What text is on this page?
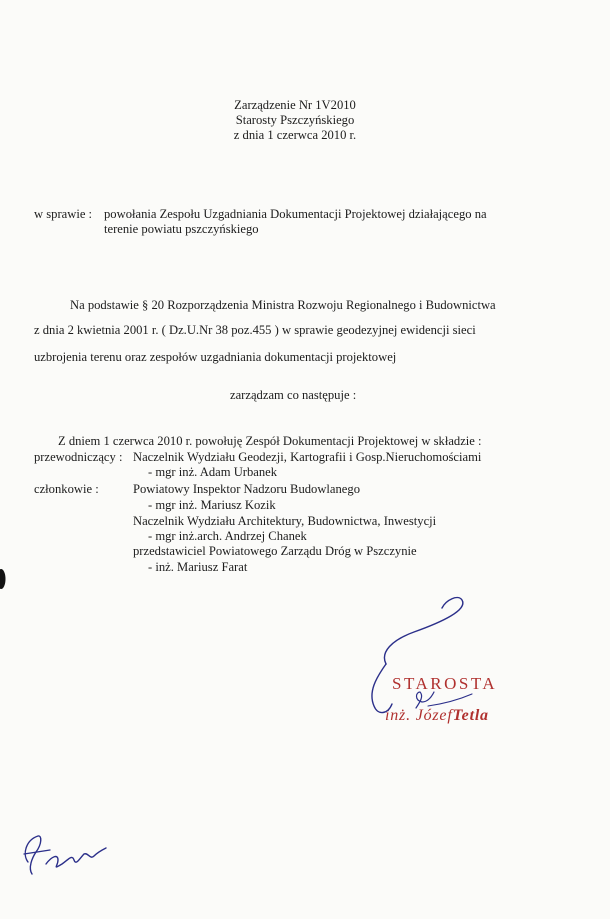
Zarządzenie Nr 1V2010
Starosty Pszczyńskiego
z dnia 1 czerwca 2010 r.
w sprawie : powołania Zespołu Uzgadniania Dokumentacji Projektowej działającego na
terenie powiatu pszczyńskiego
Na podstawie § 20 Rozporządzenia Ministra Rozwoju Regionalnego i Budownictwa
z dnia 2 kwietnia 2001 r. ( Dz.U.Nr 38 poz.455 ) w sprawie geodezyjnej ewidencji sieci
uzbrojenia terenu oraz zespołów uzgadniania dokumentacji projektowej
zarządzam co następuje :
Z dniem 1 czerwca 2010 r. powołuję Zespół Dokumentacji Projektowej w składzie :
przewodniczący : Naczelnik Wydziału Geodezji, Kartografii i Gosp.Nieruchomościami
- mgr inż. Adam Urbanek
członkowie :	Powiatowy Inspektor Nadzoru Budowlanego
- mgr inż. Mariusz Kozik
Naczelnik Wydziału Architektury, Budownictwa, Inwestycji
- mgr inż.arch. Andrzej Chanek
przedstawiciel Powiatowego Zarządu Dróg w Pszczynie
- inż. Mariusz Farat
STAROSTA
inż. JózefTetla
